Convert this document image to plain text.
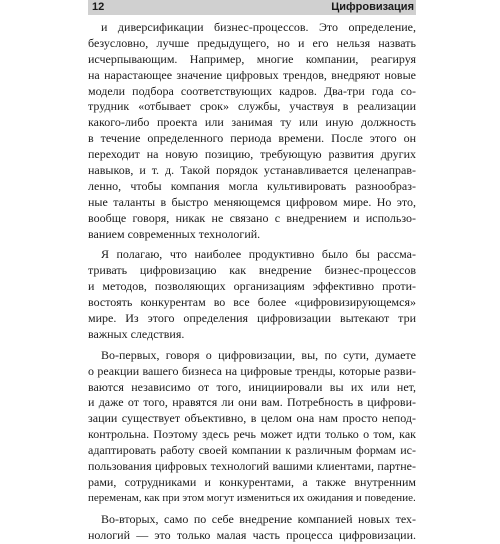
12	Цифровизация
и диверсификации бизнес-процессов. Это определение,
безусловно, лучше предыдущего, но и его нельзя назвать
исчерпывающим. Например, многие компании, реагируя
на нарастающее значение цифровых трендов, внедряют новые
модели подбора соответствующих кадров. Два-три года со-
трудник «отбывает срок» службы, участвуя в реализации
какого-либо проекта или занимая ту или иную должность
в течение определенного периода времени. После этого он
переходит на новую позицию, требующую развития других
навыков, и т. д. Такой порядок устанавливается целенаправ-
ленно, чтобы компания могла культивировать разнообраз-
ные таланты в быстро меняющемся цифровом мире. Но это,
вообще говоря, никак не связано с внедрением и использо-
ванием современных технологий.
Я полагаю, что наиболее продуктивно было бы рассма-
тривать цифровизацию как внедрение бизнес-процессов
и методов, позволяющих организациям эффективно проти-
востоять конкурентам во все более «цифровизирующемся»
мире. Из этого определения цифровизации вытекают три
важных следствия.
Во-первых, говоря о цифровизации, вы, по сути, думаете
о реакции вашего бизнеса на цифровые тренды, которые разви-
ваются независимо от того, инициировали вы их или нет,
и даже от того, нравятся ли они вам. Потребность в цифрови-
зации существует объективно, в целом она нам просто непод-
контрольна. Поэтому здесь речь может идти только о том, как
адаптировать работу своей компании к различным формам ис-
пользования цифровых технологий вашими клиентами, партне-
рами, сотрудниками и конкурентами, а также внутренним
переменам, как при этом могут измениться их ожидания и поведение.
Во-вторых, само по себе внедрение компанией новых тех-
нологий — это только малая часть процесса цифровизации.
